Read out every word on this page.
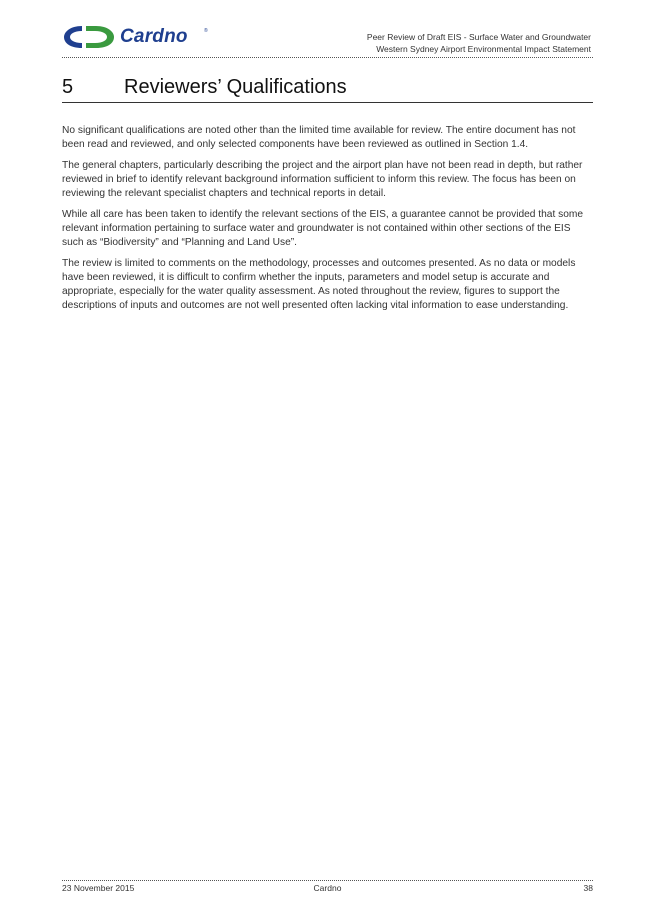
Cardno	®
Peer Review of Draft EIS - Surface Water and Groundwater
Western Sydney Airport Environmental Impact Statement
5	Reviewers’ Qualifications

No significant qualifications are noted other than the limited time available for review. The entire document has not been read and reviewed, and only selected components have been reviewed as outlined in Section 1.4.

The general chapters, particularly describing the project and the airport plan have not been read in depth, but rather reviewed in brief to identify relevant background information sufficient to inform this review. The focus has been on reviewing the relevant specialist chapters and technical reports in detail.

While all care has been taken to identify the relevant sections of the EIS, a guarantee cannot be provided that some relevant information pertaining to surface water and groundwater is not contained within other sections of the EIS such as “Biodiversity” and “Planning and Land Use”.

The review is limited to comments on the methodology, processes and outcomes presented. As no data or models have been reviewed, it is difficult to confirm whether the inputs, parameters and model setup is accurate and appropriate, especially for the water quality assessment. As noted throughout the review, figures to support the descriptions of inputs and outcomes are not well presented often lacking vital information to ease understanding.

23 November 2015	Cardno	38
